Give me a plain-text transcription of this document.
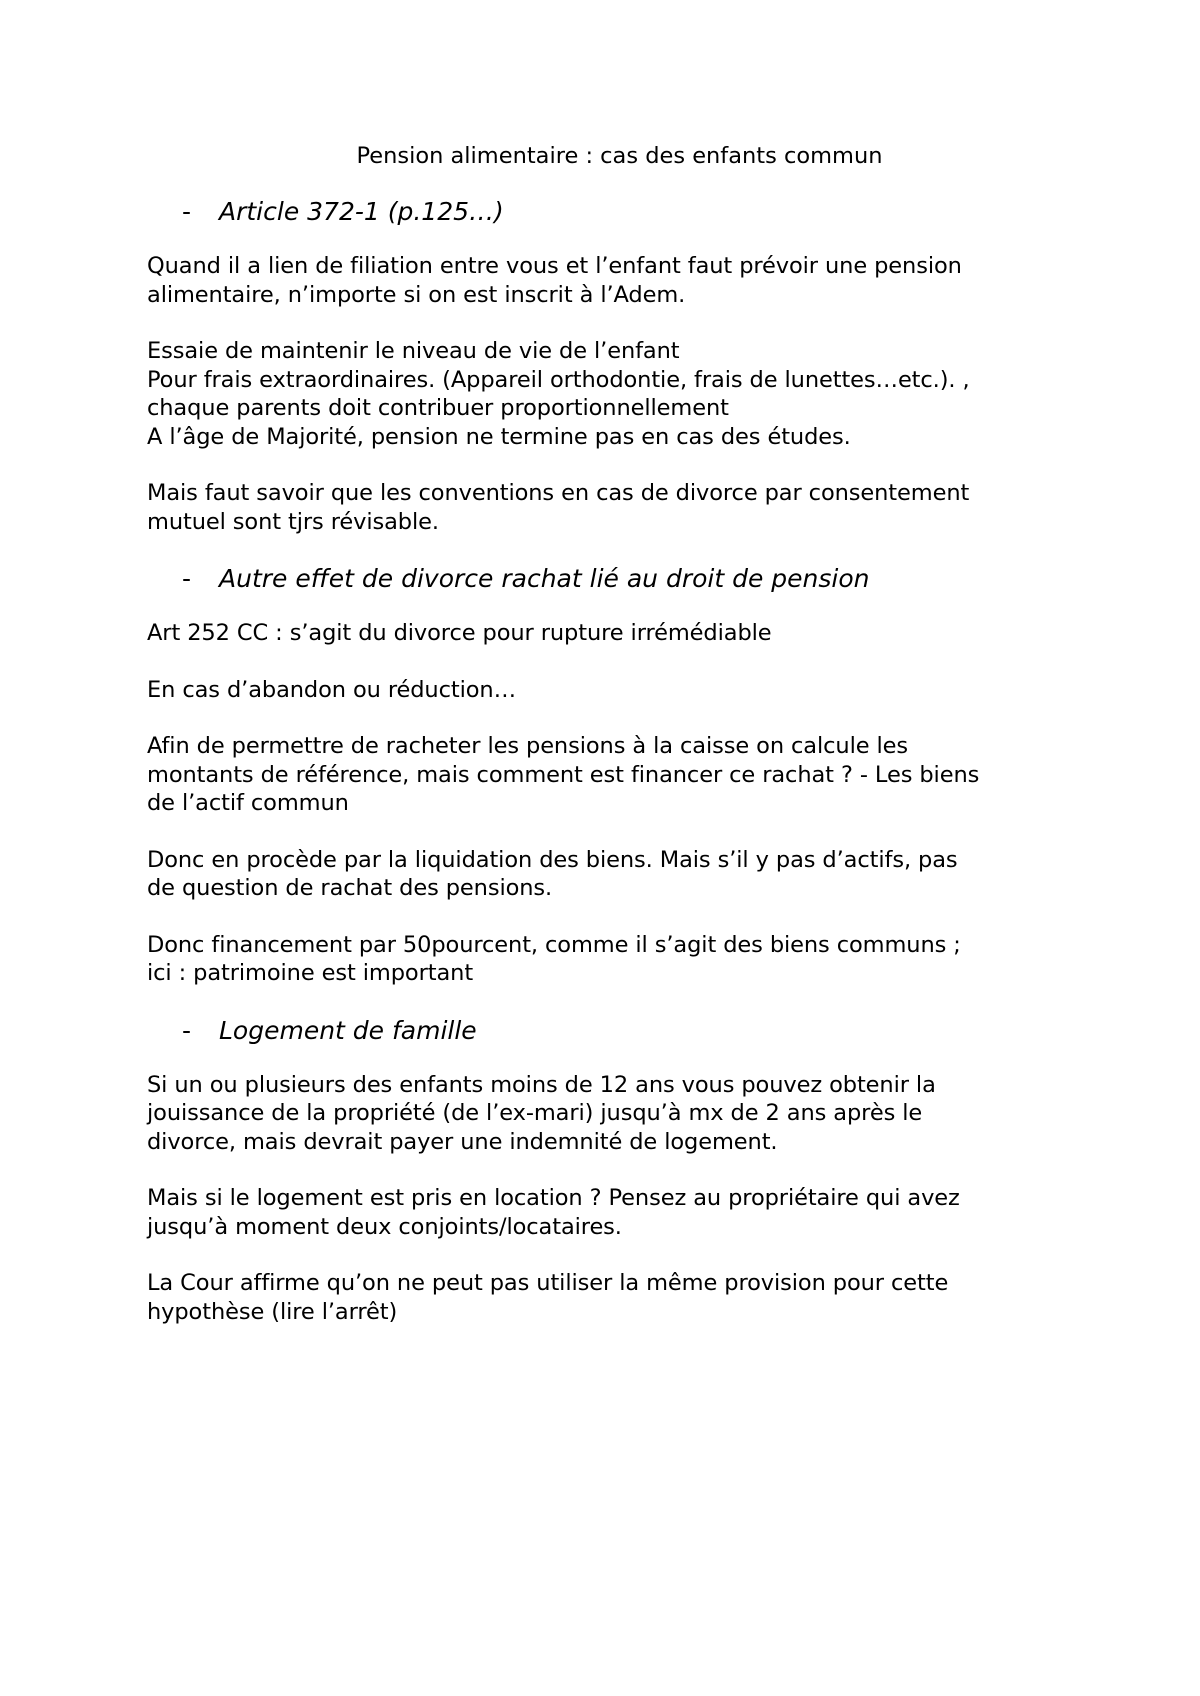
Pension alimentaire : cas des enfants commun
-	Article 372-1 (p.125…)
Quand il a lien de filiation entre vous et l’enfant faut prévoir une pension
alimentaire, n’importe si on est inscrit à l’Adem.
Essaie de maintenir le niveau de vie de l’enfant
Pour frais extraordinaires. (Appareil orthodontie, frais de lunettes…etc.). ,
chaque parents doit contribuer proportionnellement
A l’âge de Majorité, pension ne termine pas en cas des études.
Mais faut savoir que les conventions en cas de divorce par consentement
mutuel sont tjrs révisable.
-	Autre effet de divorce rachat lié au droit de pension
Art 252 CC : s’agit du divorce pour rupture irrémédiable
En cas d’abandon ou réduction…
Afin de permettre de racheter les pensions à la caisse on calcule les
montants de référence, mais comment est financer ce rachat ? - Les biens
de l’actif commun
Donc en procède par la liquidation des biens. Mais s’il y pas d’actifs, pas
de question de rachat des pensions.
Donc financement par 50pourcent, comme il s’agit des biens communs ;
ici : patrimoine est important
-	Logement de famille
Si un ou plusieurs des enfants moins de 12 ans vous pouvez obtenir la
jouissance de la propriété (de l’ex-mari) jusqu’à mx de 2 ans après le
divorce, mais devrait payer une indemnité de logement.
Mais si le logement est pris en location ? Pensez au propriétaire qui avez
jusqu’à moment deux conjoints/locataires.
La Cour affirme qu’on ne peut pas utiliser la même provision pour cette
hypothèse (lire l’arrêt)
